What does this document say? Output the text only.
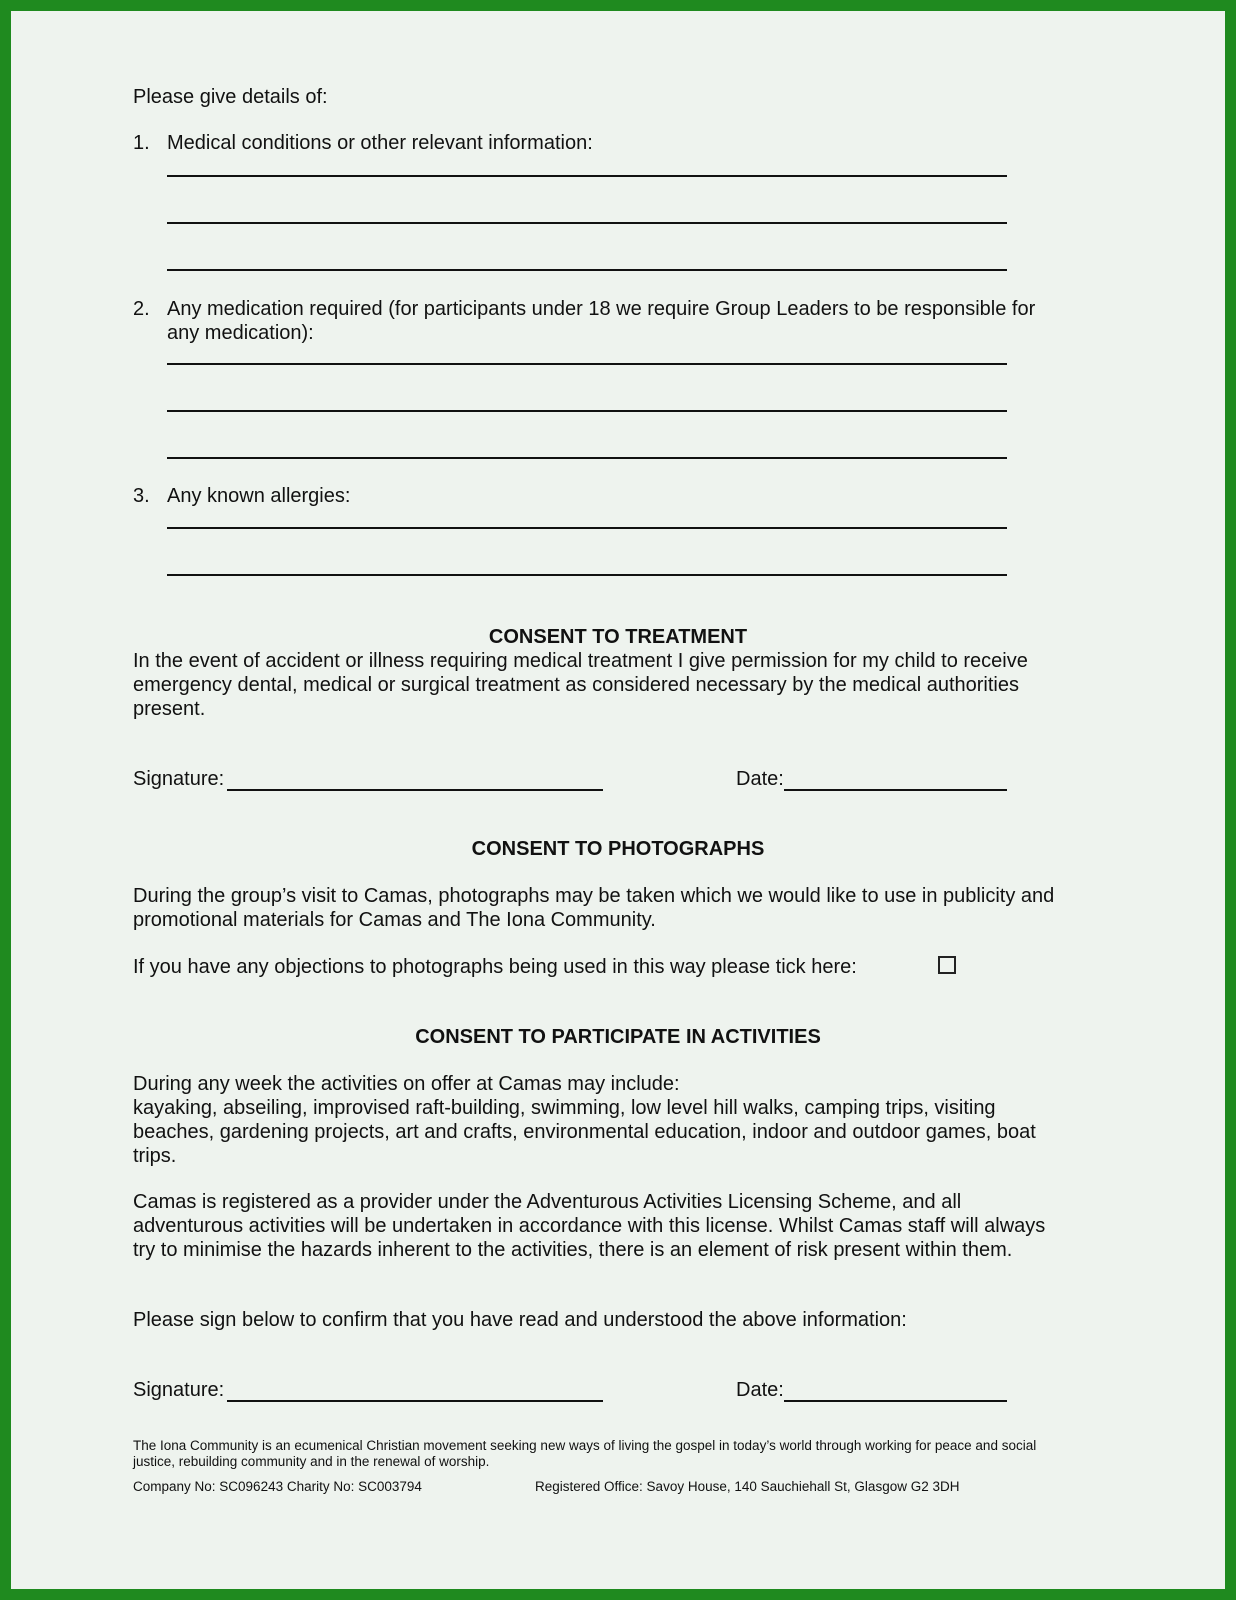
Please give details of:
1. Medical conditions or other relevant information:
2. Any medication required (for participants under 18 we require Group Leaders to be responsible for any medication):
3. Any known allergies:
CONSENT TO TREATMENT
In the event of accident or illness requiring medical treatment I give permission for my child to receive emergency dental, medical or surgical treatment as considered necessary by the medical authorities present.
Signature:	Date:
CONSENT TO PHOTOGRAPHS
During the group’s visit to Camas, photographs may be taken which we would like to use in publicity and promotional materials for Camas and The Iona Community.
If you have any objections to photographs being used in this way please tick here:
CONSENT TO PARTICIPATE IN ACTIVITIES
During any week the activities on offer at Camas may include:
kayaking, abseiling, improvised raft-building, swimming, low level hill walks, camping trips, visiting beaches, gardening projects, art and crafts, environmental education, indoor and outdoor games, boat trips.
Camas is registered as a provider under the Adventurous Activities Licensing Scheme, and all adventurous activities will be undertaken in accordance with this license. Whilst Camas staff will always try to minimise the hazards inherent to the activities, there is an element of risk present within them.
Please sign below to confirm that you have read and understood the above information:
Signature:	Date:
The Iona Community is an ecumenical Christian movement seeking new ways of living the gospel in today’s world through working for peace and social justice, rebuilding community and in the renewal of worship.
Company No: SC096243 Charity No: SC003794	Registered Office: Savoy House, 140 Sauchiehall St, Glasgow G2 3DH
